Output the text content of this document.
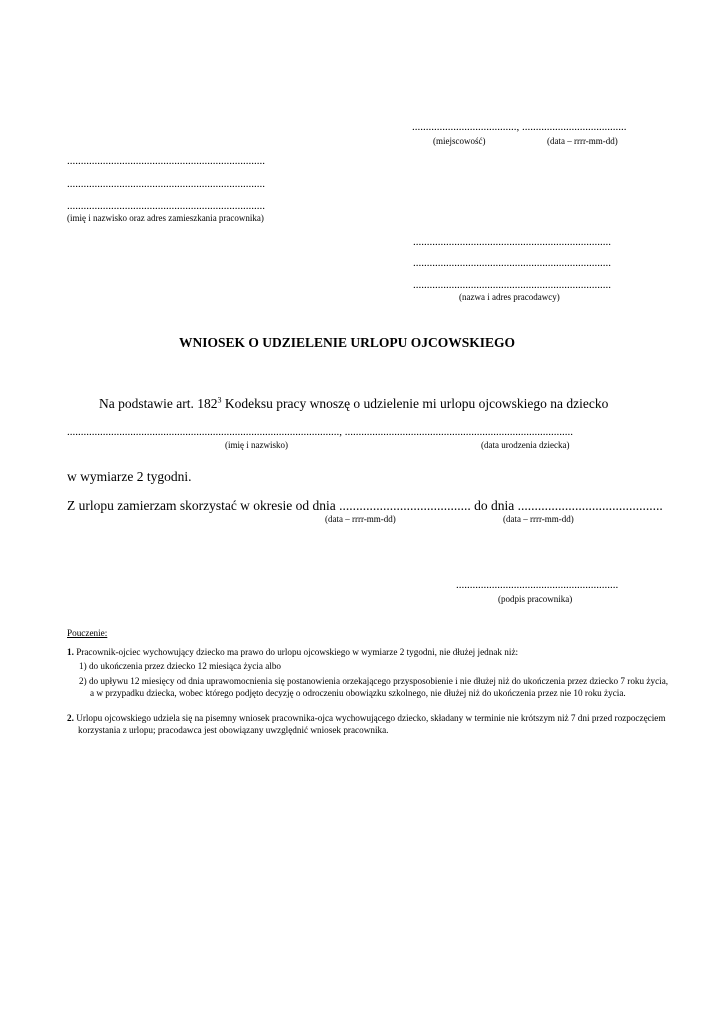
......................................, ......................................
(miejscowość)	(data – rrrr-mm-dd)
........................................................................
........................................................................
........................................................................
(imię i nazwisko oraz adres zamieszkania pracownika)
........................................................................
........................................................................
........................................................................
(nazwa i adres pracodawcy)
WNIOSEK O UDZIELENIE URLOPU OJCOWSKIEGO
Na podstawie art. $182^3$ Kodeksu pracy wnoszę o udzielenie mi urlopu ojcowskiego na dziecko
..................................................................................................., ...................................................................................
(imię i nazwisko)	(data urodzenia dziecka)
w wymiarze 2 tygodni.
Z urlopu zamierzam skorzystać w okresie od dnia ....................................... do dnia ...........................................
(data – rrrr-mm-dd)	(data – rrrr-mm-dd)
...........................................................
(podpis pracownika)
Pouczenie:
1. Pracownik-ojciec wychowujący dziecko ma prawo do urlopu ojcowskiego w wymiarze 2 tygodni, nie dłużej jednak niż:
1) do ukończenia przez dziecko 12 miesiąca życia albo
2) do upływu 12 miesięcy od dnia uprawomocnienia się postanowienia orzekającego przysposobienie i nie dłużej niż do ukończenia przez dziecko 7 roku życia, a w przypadku dziecka, wobec którego podjęto decyzję o odroczeniu obowiązku szkolnego, nie dłużej niż do ukończenia przez nie 10 roku życia.
2. Urlopu ojcowskiego udziela się na pisemny wniosek pracownika-ojca wychowującego dziecko, składany w terminie nie krótszym niż 7 dni przed rozpoczęciem korzystania z urlopu; pracodawca jest obowiązany uwzględnić wniosek pracownika.
